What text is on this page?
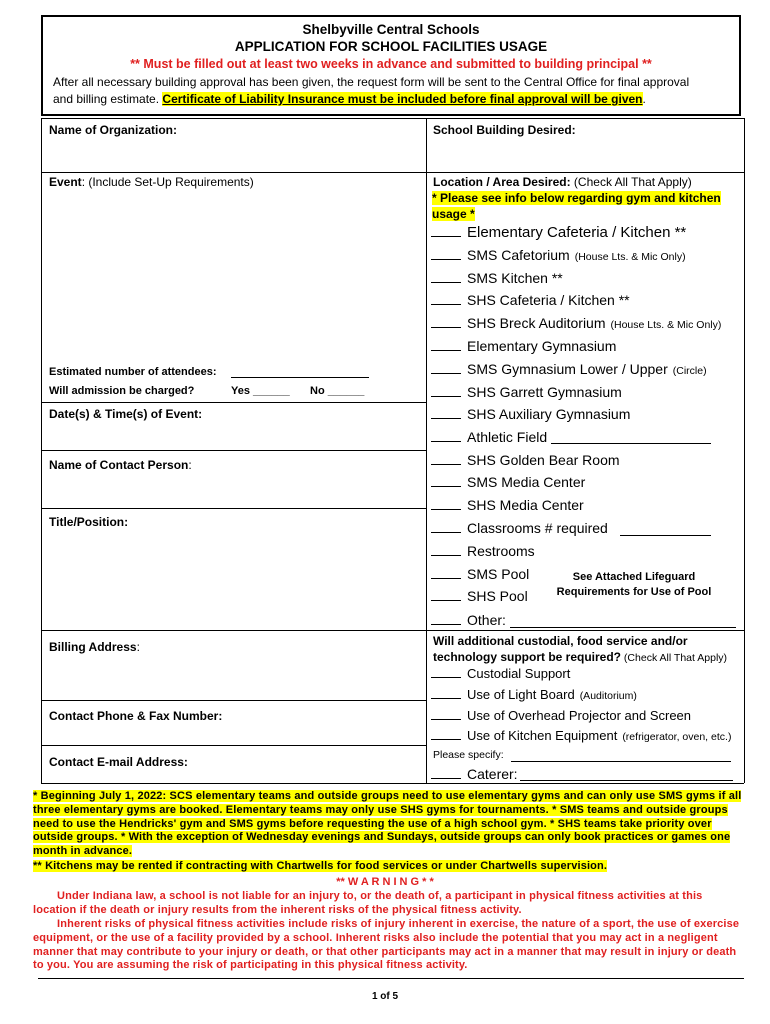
Shelbyville Central Schools
APPLICATION FOR SCHOOL FACILITIES USAGE
** Must be filled out at least two weeks in advance and submitted to building principal **
After all necessary building approval has been given, the request form will be sent to the Central Office for final approval
and billing estimate. Certificate of Liability Insurance must be included before final approval will be given.
Name of Organization:
Event: (Include Set-Up Requirements)
Estimated number of attendees:
Will admission be charged?	Yes ______ No ______
Date(s) & Time(s) of Event:
Name of Contact Person:
Title/Position:
Billing Address:
Contact Phone & Fax Number:
Contact E-mail Address:
School Building Desired:
Location / Area Desired: (Check All That Apply)
* Please see info below regarding gym and kitchen
usage *
Elementary Cafeteria / Kitchen **
SMS Cafetorium (House Lts. & Mic Only)
SMS Kitchen **
SHS Cafeteria / Kitchen **
SHS Breck Auditorium (House Lts. & Mic Only)
Elementary Gymnasium
SMS Gymnasium Lower / Upper (Circle)
SHS Garrett Gymnasium
SHS Auxiliary Gymnasium
Athletic Field
SHS Golden Bear Room
SMS Media Center
SHS Media Center
Classrooms # required
Restrooms
SMS Pool
SHS Pool
Other:
See Attached Lifeguard
Requirements for Use of Pool
Will additional custodial, food service and/or
technology support be required? (Check All That Apply)
Custodial Support
Use of Light Board (Auditorium)
Use of Overhead Projector and Screen
Use of Kitchen Equipment (refrigerator, oven, etc.)
Please specify:
Caterer:
* Beginning July 1, 2022: SCS elementary teams and outside groups need to use elementary gyms and can only use SMS gyms if all three elementary gyms are booked. Elementary teams may only use SHS gyms for tournaments. * SMS teams and outside groups need to use the Hendricks' gym and SMS gyms before requesting the use of a high school gym. * SHS teams take priority over outside groups. * With the exception of Wednesday evenings and Sundays, outside groups can only book practices or games one month in advance.
** Kitchens may be rented if contracting with Chartwells for food services or under Chartwells supervision.
** W A R N I N G * *
Under Indiana law, a school is not liable for an injury to, or the death of, a participant in physical fitness activities at this location if the death or injury results from the inherent risks of the physical fitness activity.
Inherent risks of physical fitness activities include risks of injury inherent in exercise, the nature of a sport, the use of exercise equipment, or the use of a facility provided by a school. Inherent risks also include the potential that you may act in a negligent manner that may contribute to your injury or death, or that other participants may act in a manner that may result in injury or death to you. You are assuming the risk of participating in this physical fitness activity.
1 of 5
